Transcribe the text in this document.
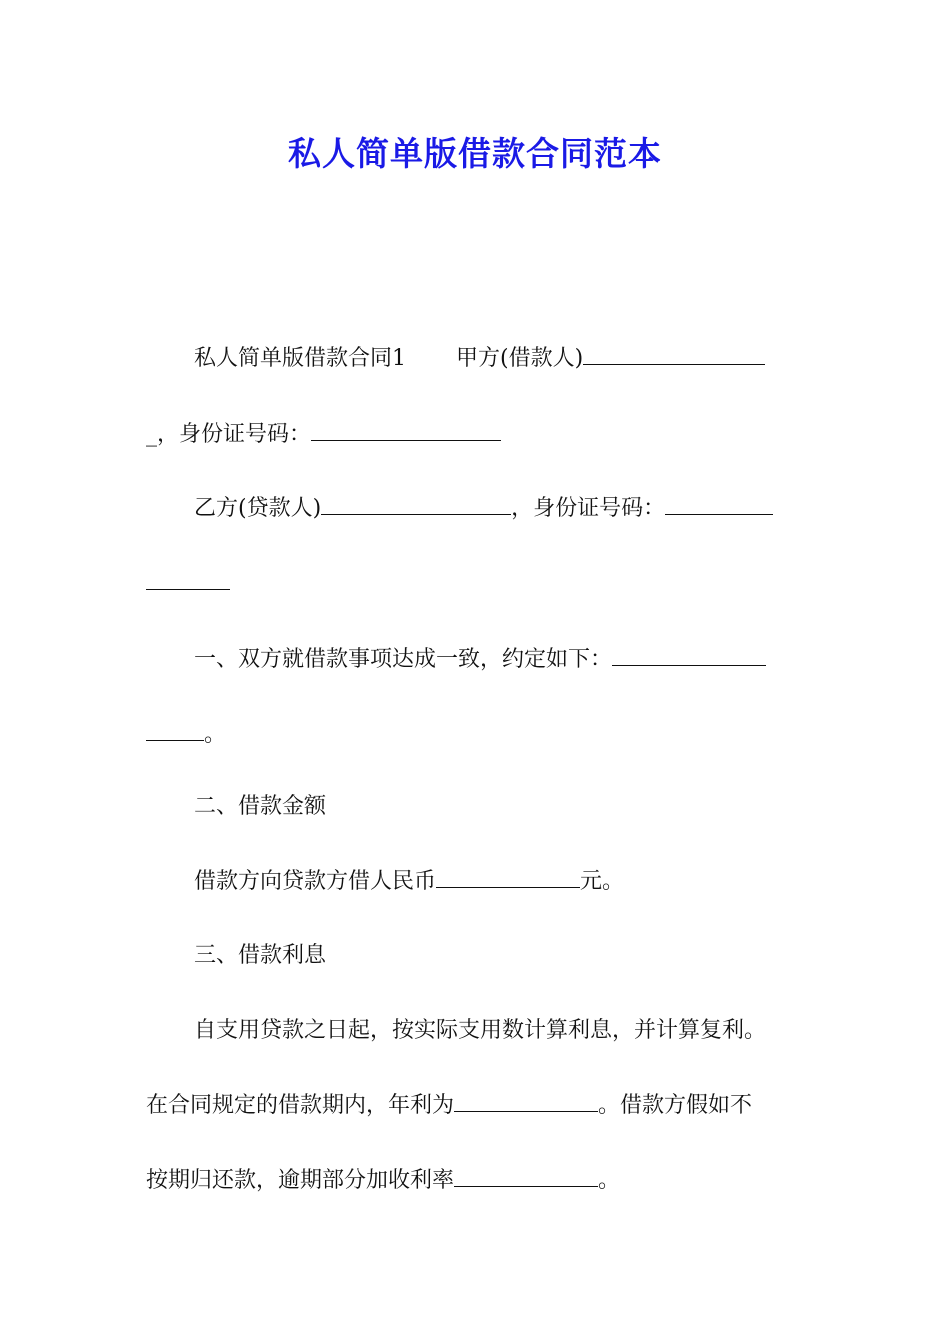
私人简单版借款合同范本
私人简单版借款合同1 甲方(借款人)
_，身份证号码：
乙方(贷款人)	，身份证号码：
一、双方就借款事项达成一致，约定如下：
。
二、借款金额
借款方向贷款方借人民币	元。
三、借款利息
自支用贷款之日起，按实际支用数计算利息，并计算复利。
在合同规定的借款期内，年利为	。借款方假如不
按期归还款，逾期部分加收利率	。
